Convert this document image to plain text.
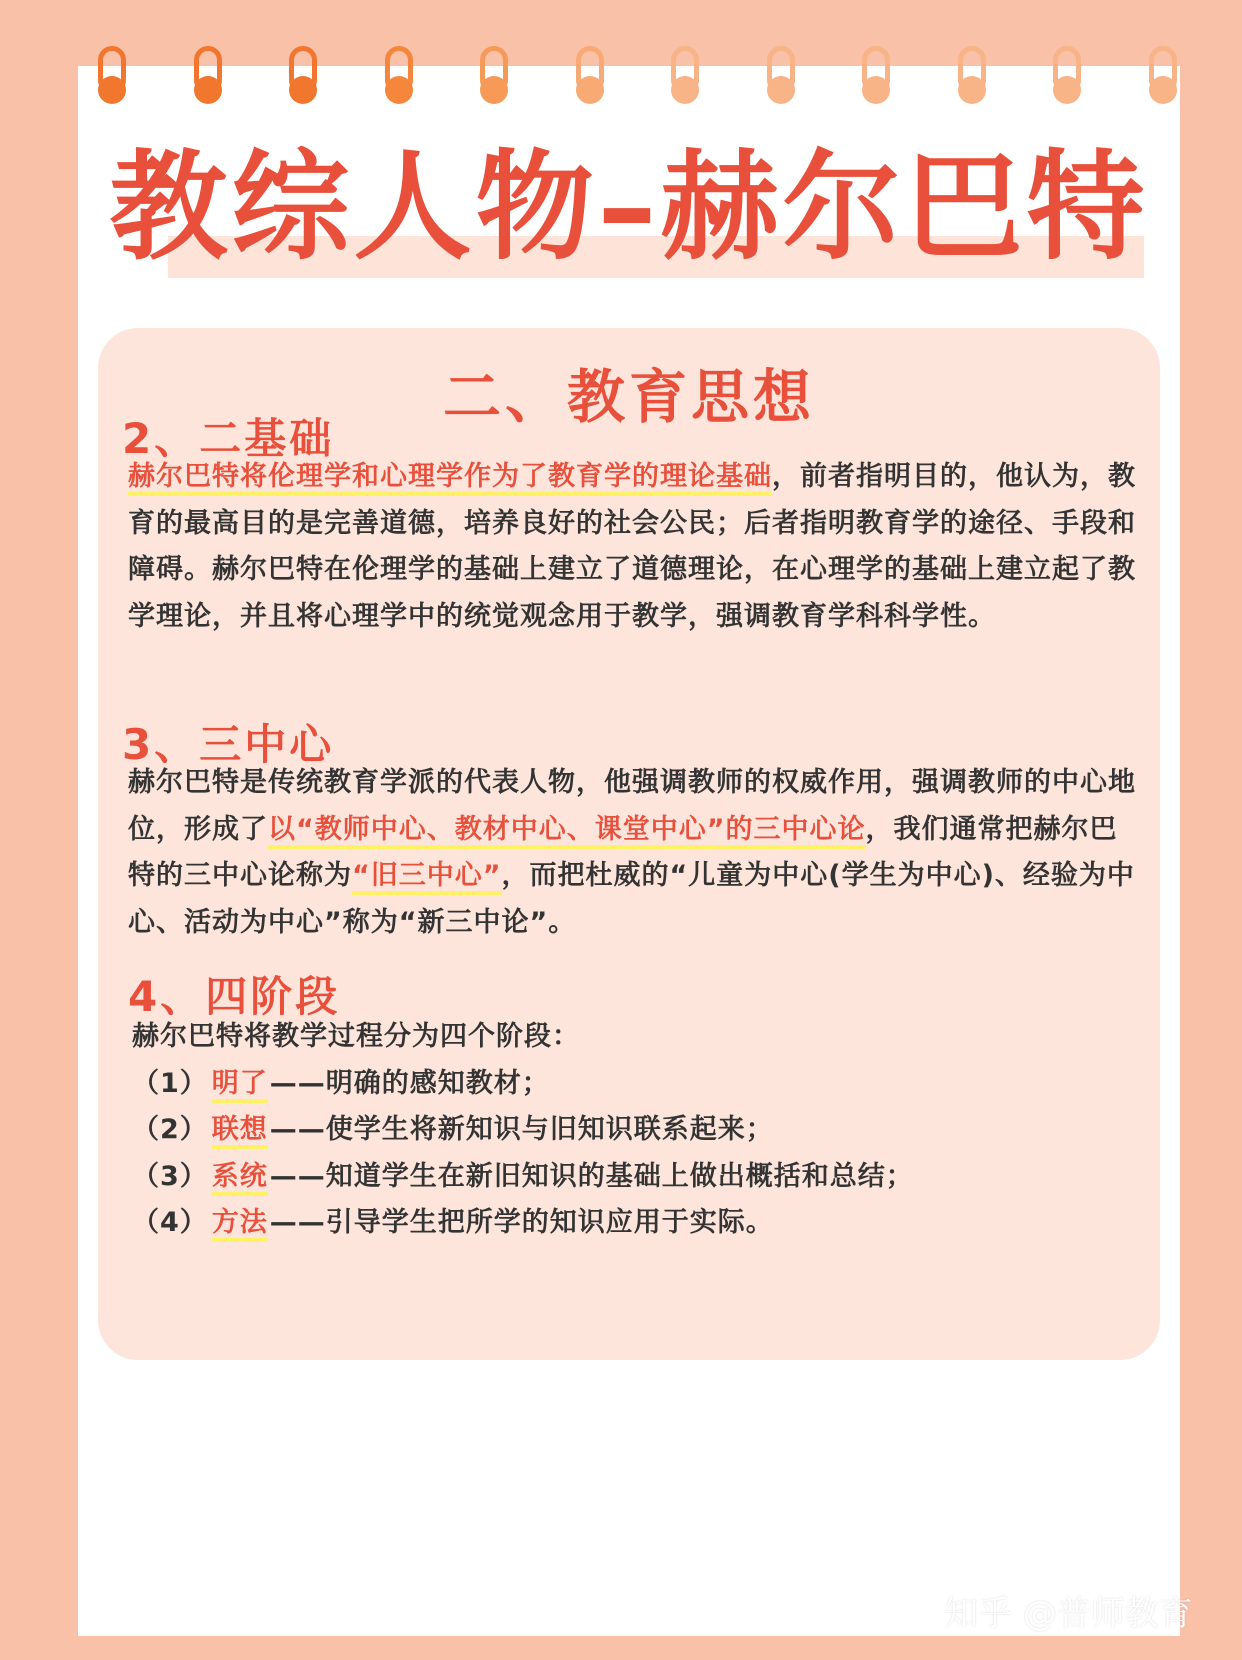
教综人物–赫尔巴特
二、教育思想
2、二基础
赫尔巴特将伦理学和心理学作为了教育学的理论基础，前者指明目的，他认为，教育的最高目的是完善道德，培养良好的社会公民；后者指明教育学的途径、手段和障碍。赫尔巴特在伦理学的基础上建立了道德理论，在心理学的基础上建立起了教学理论，并且将心理学中的统觉观念用于教学，强调教育学科科学性。
3、三中心
赫尔巴特是传统教育学派的代表人物，他强调教师的权威作用，强调教师的中心地位，形成了以“教师中心、教材中心、课堂中心”的三中心论，我们通常把赫尔巴特的三中心论称为“旧三中心”，而把杜威的“儿童为中心(学生为中心)、经验为中心、活动为中心”称为“新三中论”。
4、四阶段
赫尔巴特将教学过程分为四个阶段：
（1） 明了——明确的感知教材；
（2） 联想——使学生将新知识与旧知识联系起来；
（3） 系统——知道学生在新旧知识的基础上做出概括和总结；
（4） 方法——引导学生把所学的知识应用于实际。
知乎 @普师教育
